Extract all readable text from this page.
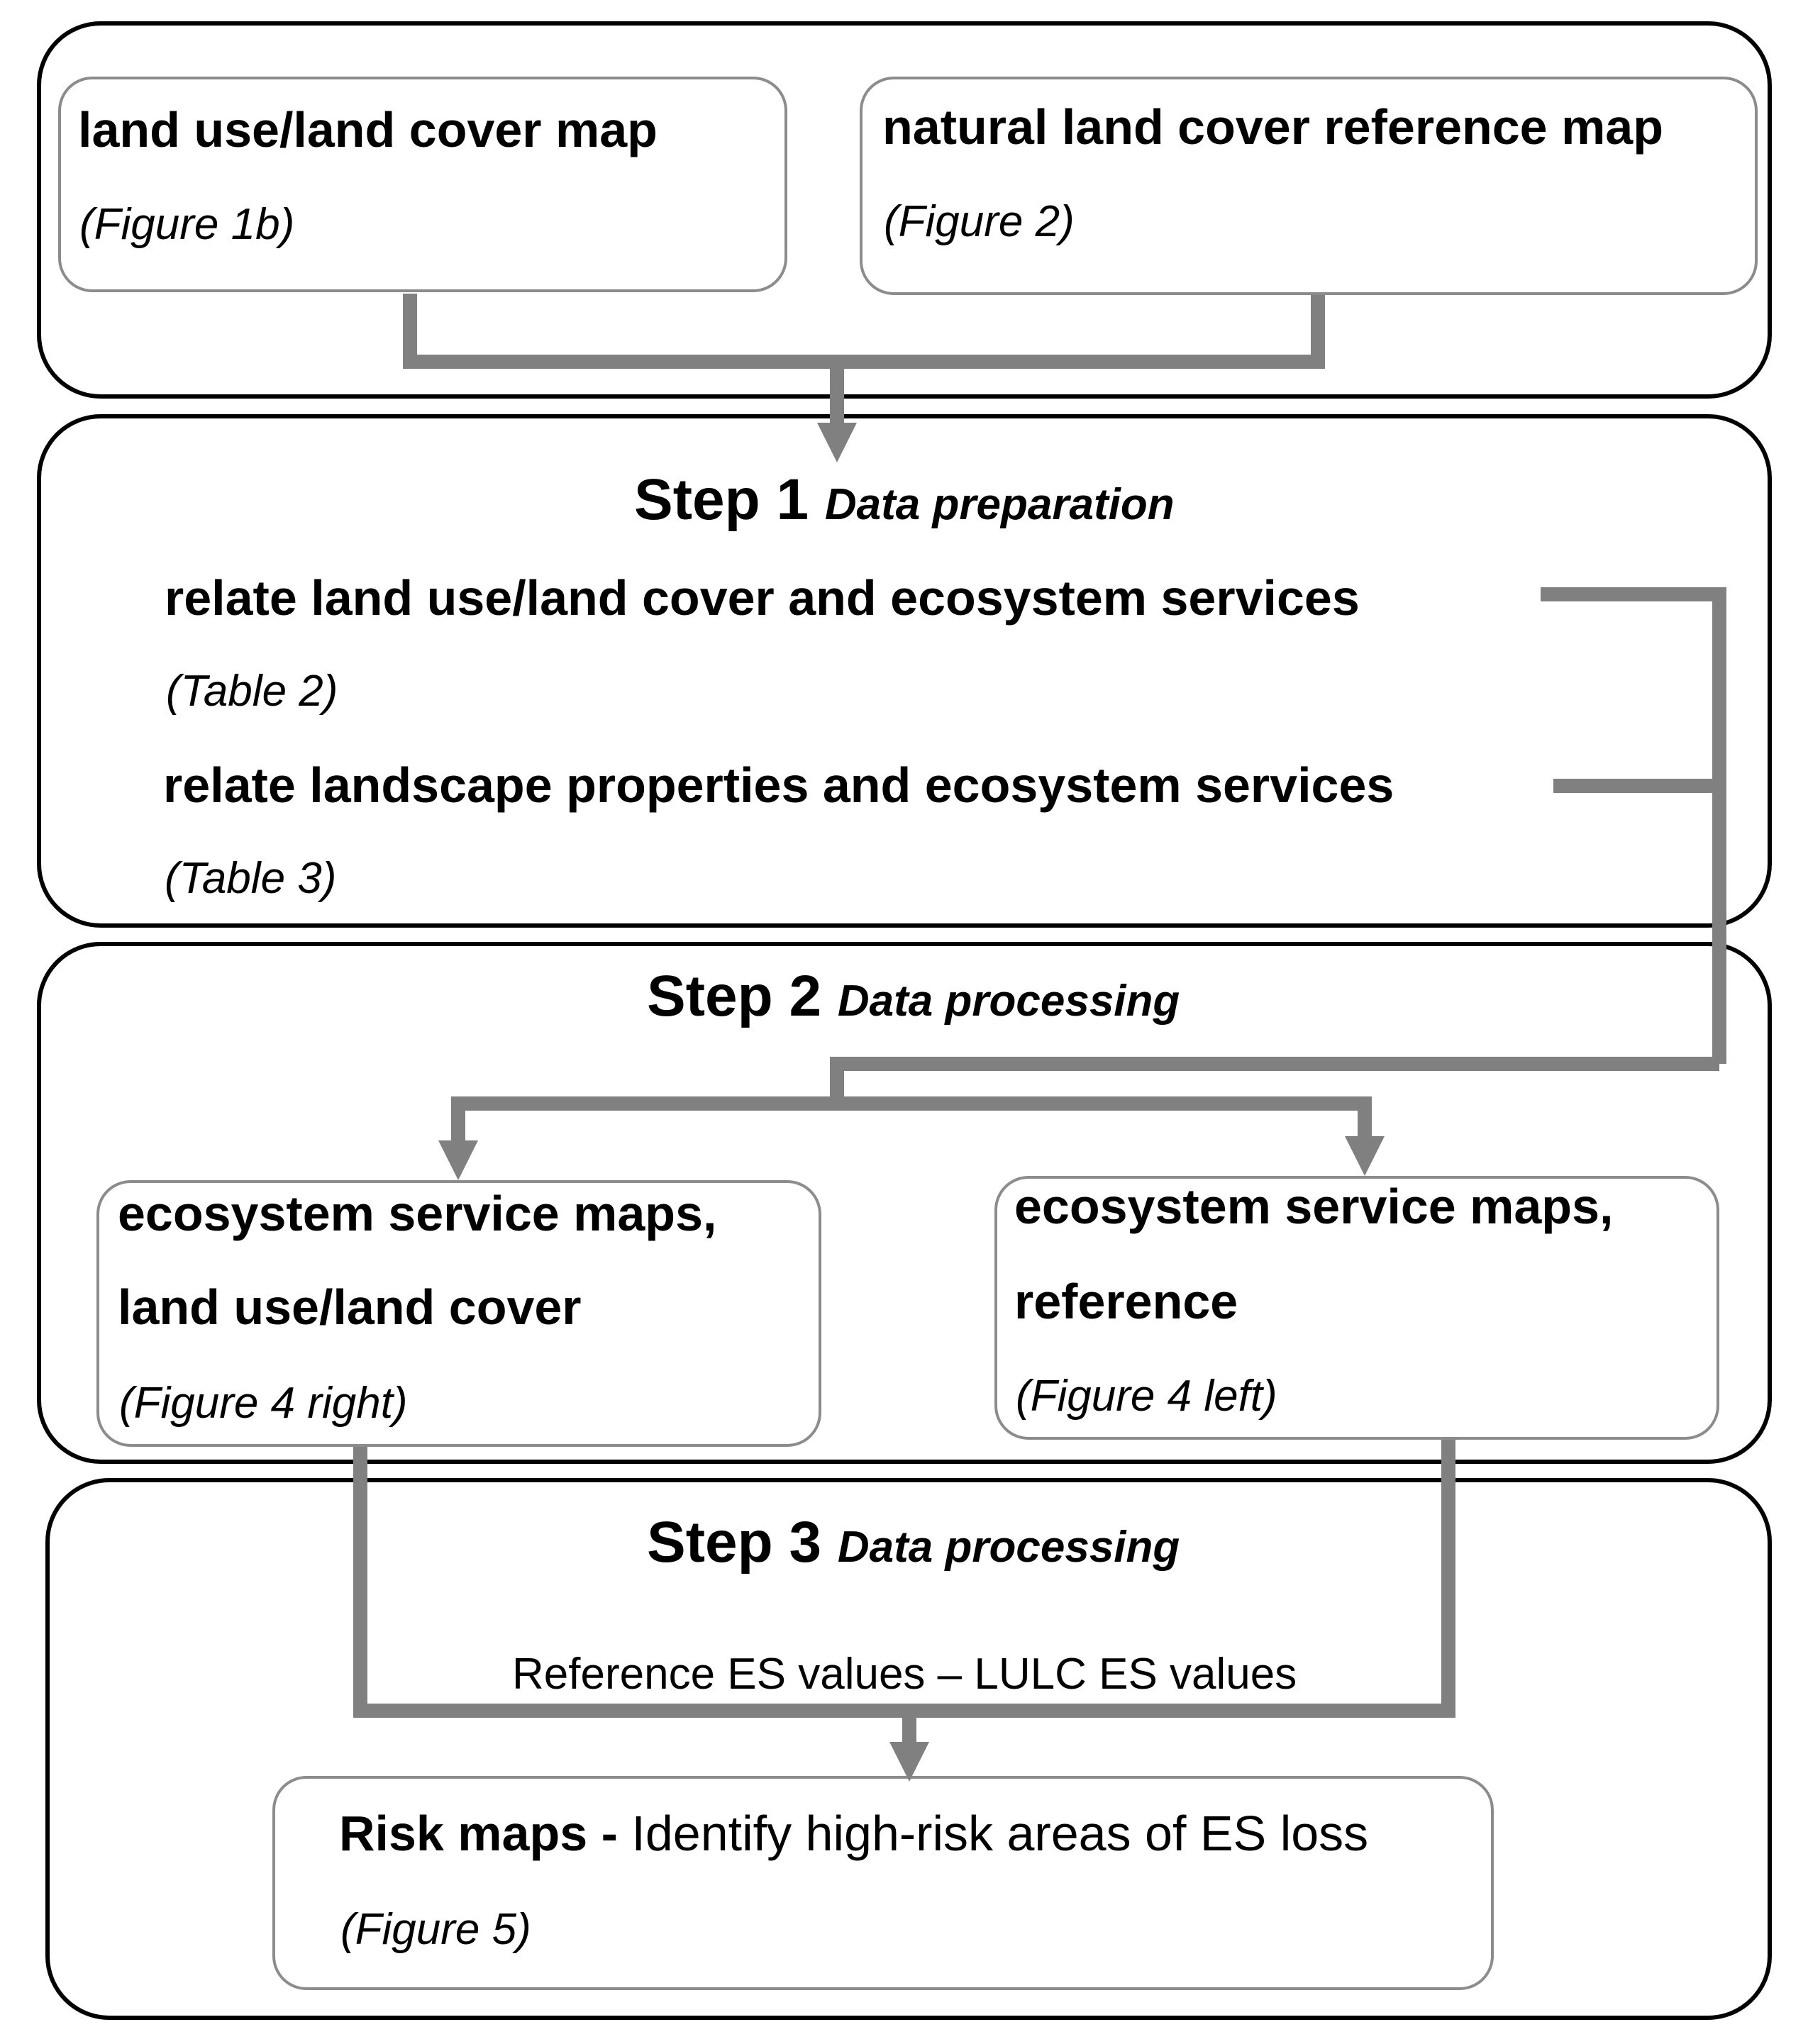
land use/land cover map
(Figure 1b)
natural land cover reference map
(Figure 2)
Step 1 Data preparation
relate land use/land cover and ecosystem services
(Table 2)
relate landscape properties and ecosystem services
(Table 3)
Step 2 Data processing
ecosystem service maps,
land use/land cover
(Figure 4 right)
ecosystem service maps,
reference
(Figure 4 left)
Step 3 Data processing
Reference ES values – LULC ES values
Risk maps - Identify high-risk areas of ES loss
(Figure 5)
